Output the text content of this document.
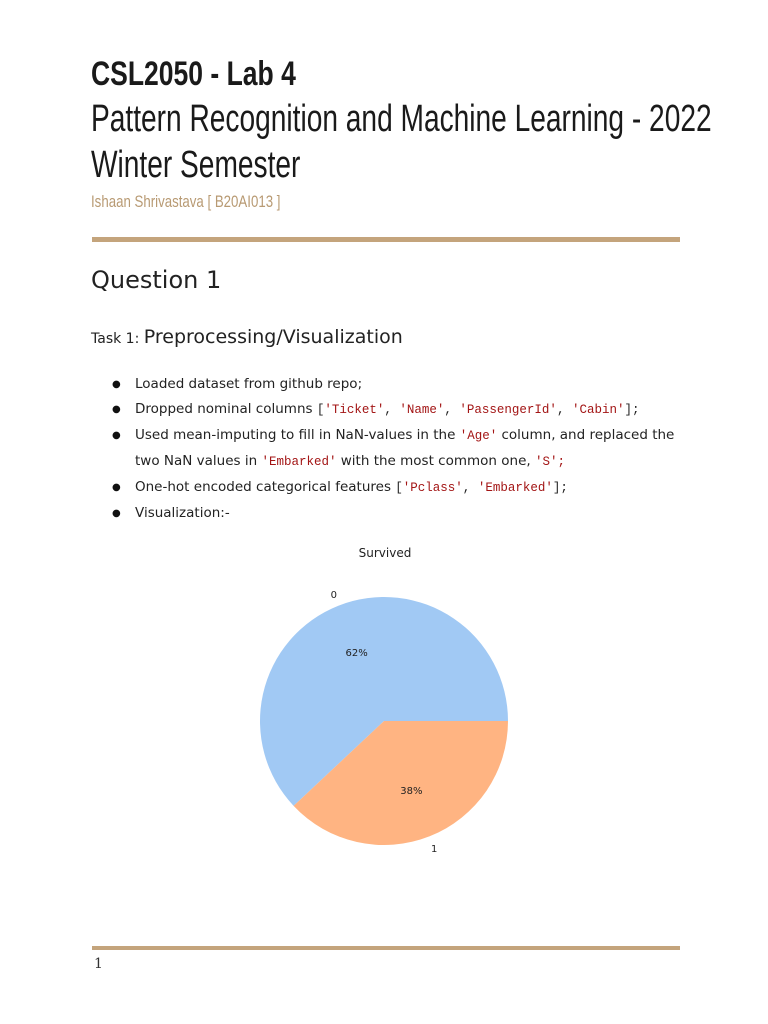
CSL2050 - Lab 4
Pattern Recognition and Machine Learning - 2022
Winter Semester
Ishaan Shrivastava [ B20AI013 ]
Question 1
Task 1: Preprocessing/Visualization
● Loaded dataset from github repo;
● Dropped nominal columns ['Ticket', 'Name', 'PassengerId', 'Cabin'];
● Used mean-imputing to fill in NaN-values in the 'Age' column, and replaced the two NaN values in 'Embarked' with the most common one, 'S';
● One-hot encoded categorical features ['Pclass', 'Embarked'];
● Visualization:-
Survived
0
62%
1
38%
1
